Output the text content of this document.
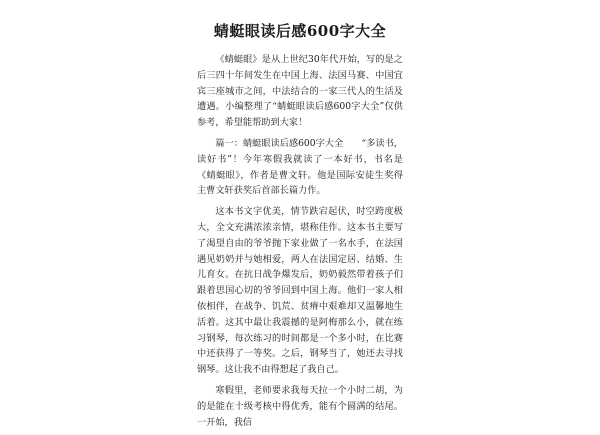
蜻蜓眼读后感600字大全

《蜻蜓眼》是从上世纪30年代开始，写的是之后三四十年间发生在中国上海、法国马赛、中国宜宾三座城市之间，中法结合的一家三代人的生活及遭遇。小编整理了“蜻蜓眼读后感600字大全”仅供参考，希望能帮助到大家！

篇一：蜻蜓眼读后感600字大全　　“多读书，读好书”！今年寒假我就读了一本好书，书名是《蜻蜓眼》，作者是曹文轩。他是国际安徒生奖得主曹文轩获奖后首部长篇力作。

这本书文字优美，情节跌宕起伏，时空跨度极大，全文充满浓浓亲情，堪称佳作。这本书主要写了渴望自由的爷爷抛下家业做了一名水手，在法国遇见奶奶并与她相爱，两人在法国定居、结婚、生儿育女。在抗日战争爆发后，奶奶毅然带着孩子们跟着思国心切的爷爷回到中国上海。他们一家人相依相伴，在战争、饥荒、贫瘠中艰难却又温馨地生活着。这其中最让我震撼的是阿梅那么小，就在练习钢琴，每次练习的时间都是一个多小时，在比赛中还获得了一等奖。之后，钢琴当了，她还去寻找钢琴。这让我不由得想起了我自己。

寒假里，老师要求我每天拉一个小时二胡，为的是能在十级考核中得优秀，能有个圆满的结尾。一开始，我信
